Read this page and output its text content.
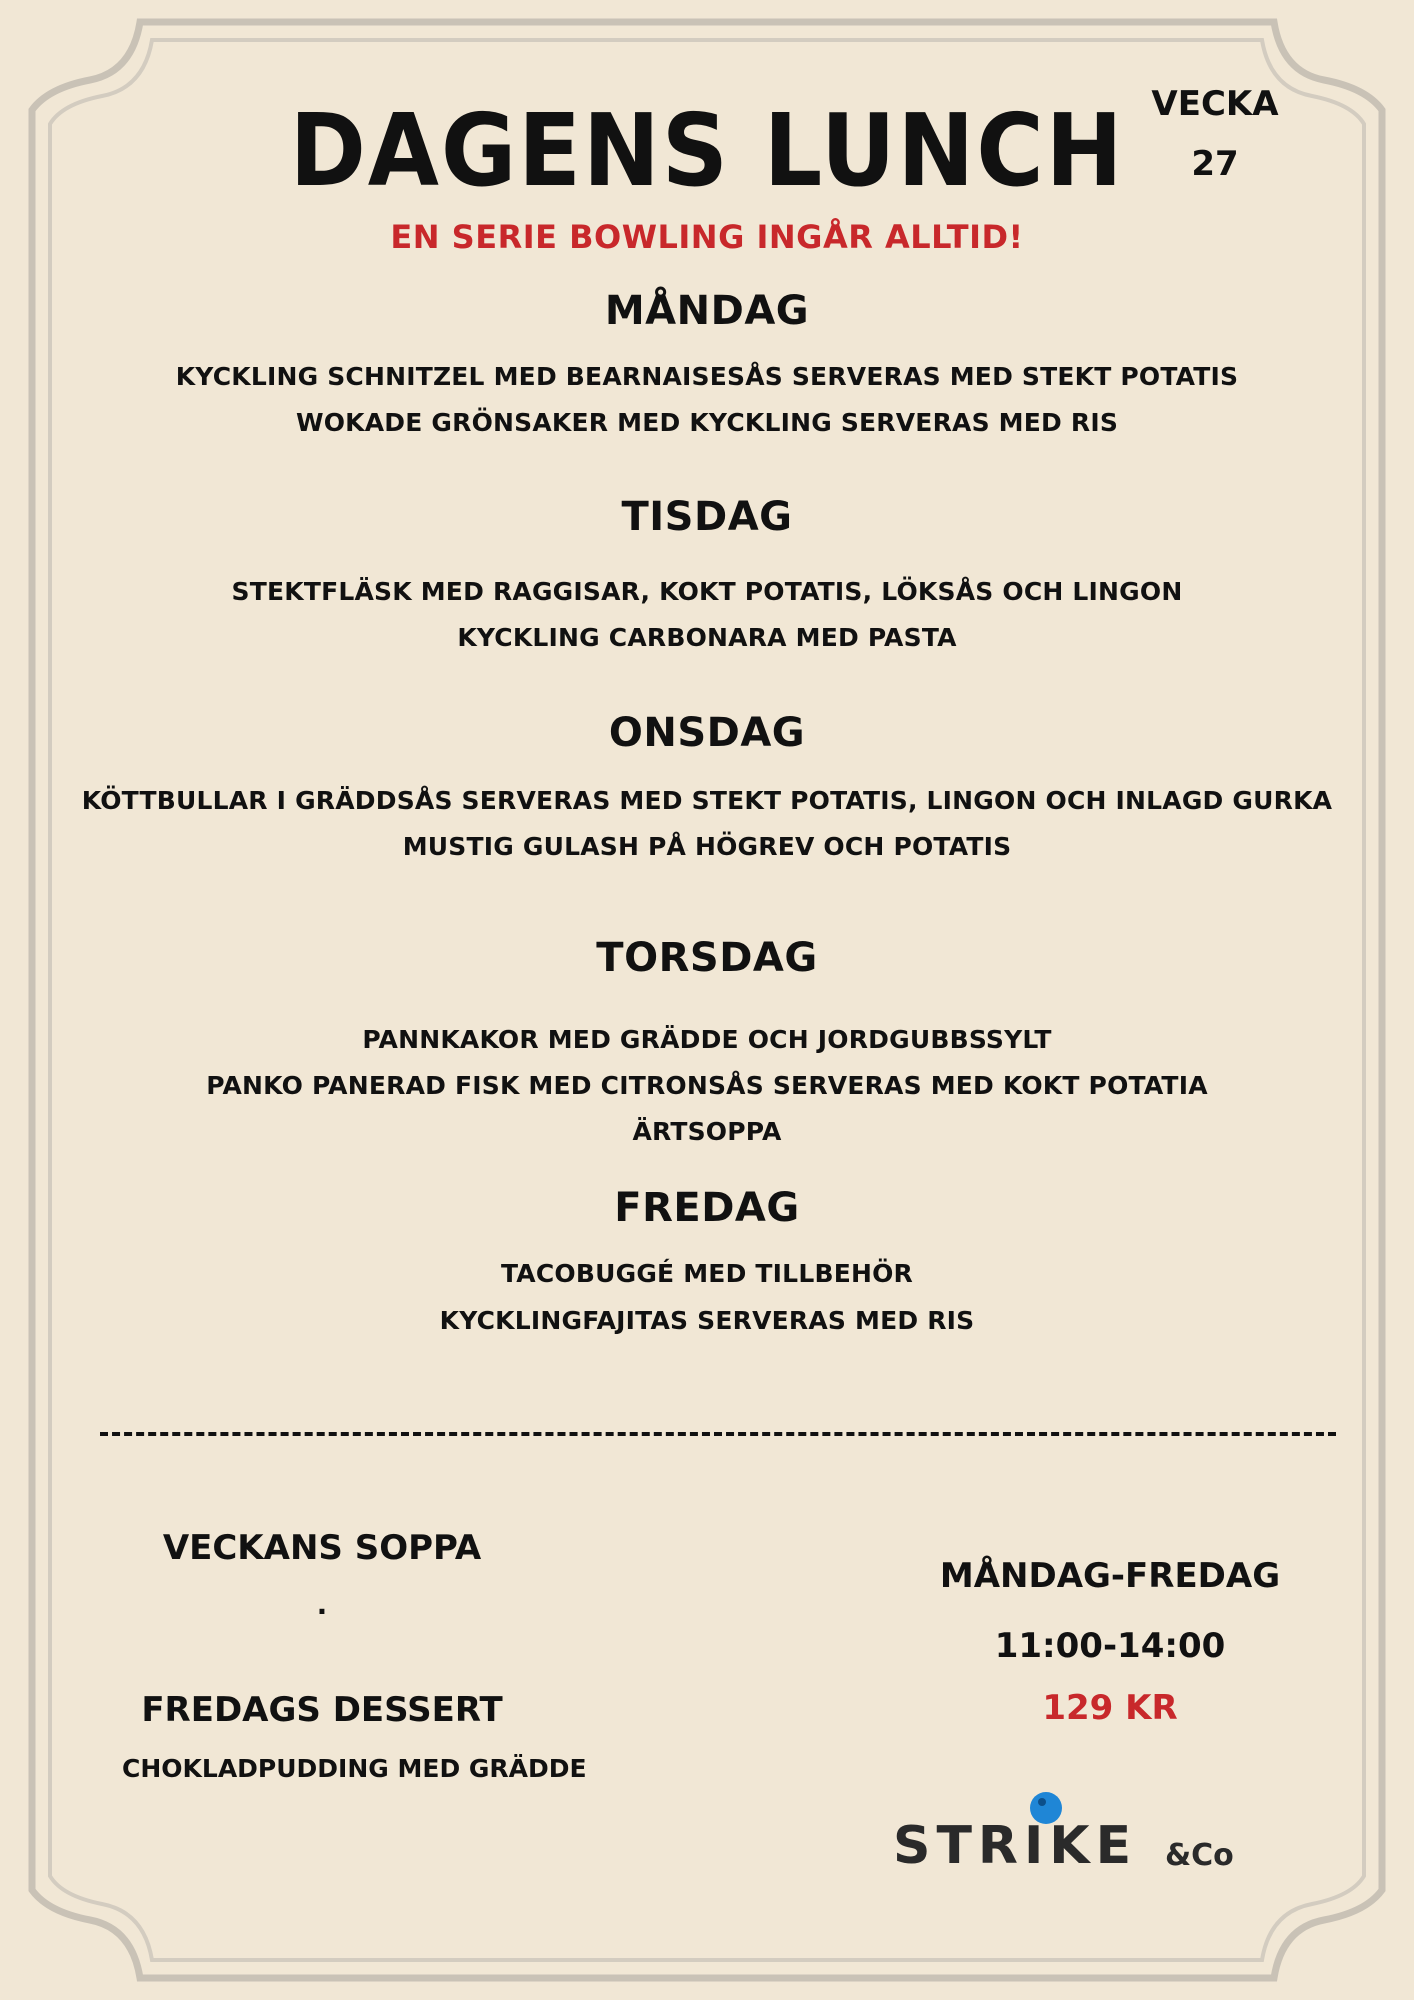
DAGENS LUNCH VECKA
27
EN SERIE BOWLING INGÅR ALLTID!
MÅNDAG
KYCKLING SCHNITZEL MED BEARNAISESÅS SERVERAS MED STEKT POTATIS
WOKADE GRÖNSAKER MED KYCKLING SERVERAS MED RIS
TISDAG
STEKTFLÄSK MED RAGGISAR, KOKT POTATIS, LÖKSÅS OCH LINGON
KYCKLING CARBONARA MED PASTA
ONSDAG
KÖTTBULLAR I GRÄDDSÅS SERVERAS MED STEKT POTATIS, LINGON OCH INLAGD GURKA
MUSTIG GULASH PÅ HÖGREV OCH POTATIS
TORSDAG
PANNKAKOR MED GRÄDDE OCH JORDGUBBSSYLT
PANKO PANERAD FISK MED CITRONSÅS SERVERAS MED KOKT POTATIA
ÄRTSOPPA
FREDAG
TACOBUGGÉ MED TILLBEHÖR
KYCKLINGFAJITAS SERVERAS MED RIS
VECKANS SOPPA
.
FREDAGS DESSERT
CHOKLADPUDDING MED GRÄDDE
MÅNDAG-FREDAG
11:00-14:00
129 KR
STRIKE &Co
